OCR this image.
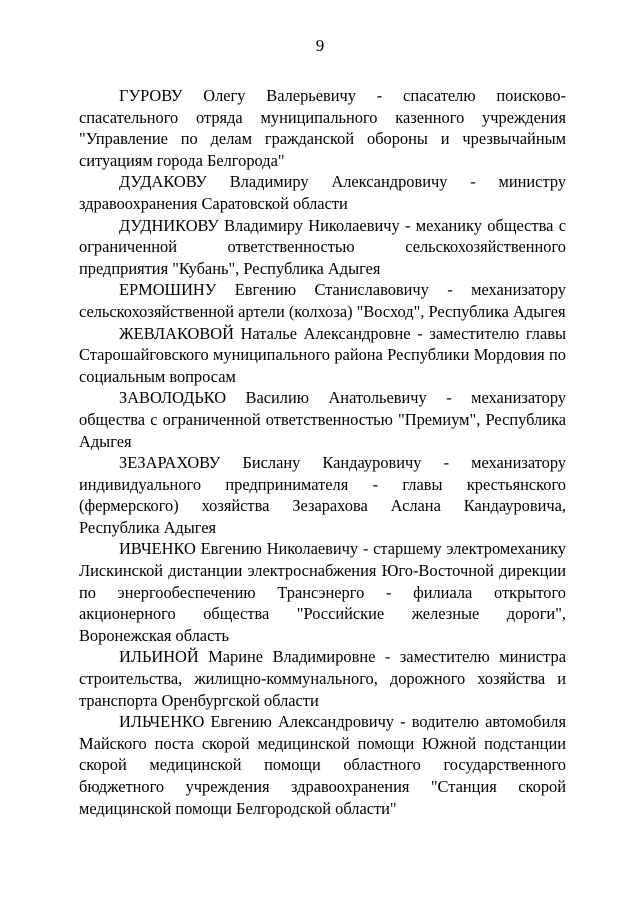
9

ГУРОВУ Олегу Валерьевичу - спасателю поисково-спасательного отряда муниципального казенного учреждения "Управление по делам гражданской обороны и чрезвычайным ситуациям города Белгорода"

ДУДАКОВУ Владимиру Александровичу - министру здравоохранения Саратовской области

ДУДНИКОВУ Владимиру Николаевичу - механику общества с ограниченной ответственностью сельскохозяйственного предприятия "Кубань", Республика Адыгея

ЕРМОШИНУ Евгению Станиславовичу - механизатору сельскохозяйственной артели (колхоза) "Восход", Республика Адыгея

ЖЕВЛАКОВОЙ Наталье Александровне - заместителю главы Старошайговского муниципального района Республики Мордовия по социальным вопросам

ЗАВОЛОДЬКО Василию Анатольевичу - механизатору общества с ограниченной ответственностью "Премиум", Республика Адыгея

ЗЕЗАРАХОВУ Бислану Кандауровичу - механизатору индивидуального предпринимателя - главы крестьянского (фермерского) хозяйства Зезарахова Аслана Кандауровича, Республика Адыгея

ИВЧЕНКО Евгению Николаевичу - старшему электромеханику Лискинской дистанции электроснабжения Юго-Восточной дирекции по энергообеспечению Трансэнерго - филиала открытого акционерного общества "Российские железные дороги", Воронежская область

ИЛЬИНОЙ Марине Владимировне - заместителю министра строительства, жилищно-коммунального, дорожного хозяйства и транспорта Оренбургской области

ИЛЬЧЕНКО Евгению Александровичу - водителю автомобиля Майского поста скорой медицинской помощи Южной подстанции скорой медицинской помощи областного государственного бюджетного учреждения здравоохранения "Станция скорой медицинской помощи Белгородской области"
